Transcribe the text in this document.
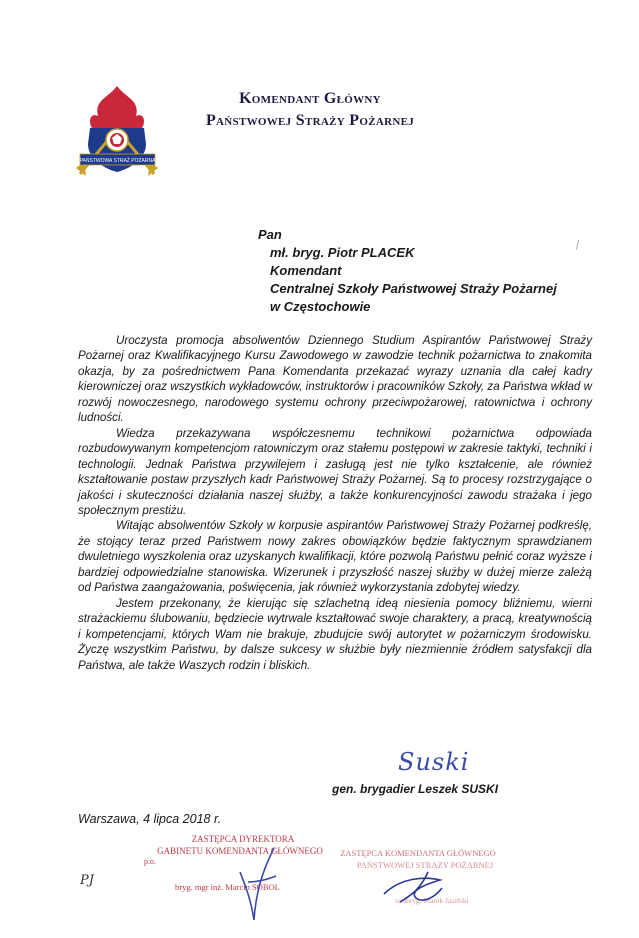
PAŃSTWOWA STRAŻ POŻARNA
Komendant Główny
Państwowej Straży Pożarnej
Pan
mł. bryg. Piotr PLACEK
Komendant
Centralnej Szkoły Państwowej Straży Pożarnej
w Częstochowie

Uroczysta promocja absolwentów Dziennego Studium Aspirantów Państwowej Straży Pożarnej oraz Kwalifikacyjnego Kursu Zawodowego w zawodzie technik pożarnictwa to znakomita okazja, by za pośrednictwem Pana Komendanta przekazać wyrazy uznania dla całej kadry kierowniczej oraz wszystkich wykładowców, instruktorów i pracowników Szkoły, za Państwa wkład w rozwój nowoczesnego, narodowego systemu ochrony przeciwpożarowej, ratownictwa i ochrony ludności.

Wiedza przekazywana współczesnemu technikowi pożarnictwa odpowiada rozbudowywanym kompetencjom ratowniczym oraz stałemu postępowi w zakresie taktyki, techniki i technologii. Jednak Państwa przywilejem i zasługą jest nie tylko kształcenie, ale również kształtowanie postaw przyszłych kadr Państwowej Straży Pożarnej. Są to procesy rozstrzygające o jakości i skuteczności działania naszej służby, a także konkurencyjności zawodu strażaka i jego społecznym prestiżu.

Witając absolwentów Szkoły w korpusie aspirantów Państwowej Straży Pożarnej podkreślę, że stojący teraz przed Państwem nowy zakres obowiązków będzie faktycznym sprawdzianem dwuletniego wyszkolenia oraz uzyskanych kwalifikacji, które pozwolą Państwu pełnić coraz wyższe i bardziej odpowiedzialne stanowiska. Wizerunek i przyszłość naszej służby w dużej mierze zależą od Państwa zaangażowania, poświęcenia, jak również wykorzystania zdobytej wiedzy.

Jestem przekonany, że kierując się szlachetną ideą niesienia pomocy bliźniemu, wierni strażackiemu ślubowaniu, będziecie wytrwale kształtować swoje charaktery, a pracą, kreatywnością i kompetencjami, których Wam nie brakuje, zbudujcie swój autorytet w pożarniczym środowisku. Życzę wszystkim Państwu, by dalsze sukcesy w służbie były niezmiennie źródłem satysfakcji dla Państwa, ale także Waszych rodzin i bliskich.

Suski
gen. brygadier Leszek SUSKI
Warszawa, 4 lipca 2018 r.
ZASTĘPCA DYREKTORA
GABINETU KOMENDANTA GŁÓWNEGO
p.o.
bryg. mgr inż. Marcin SOBOL
ZASTĘPCA KOMENDANTA GŁÓWNEGO
PAŃSTWOWEJ STRAŻY POŻARNEJ
nadbryg. Marek Jasiński
PJ
